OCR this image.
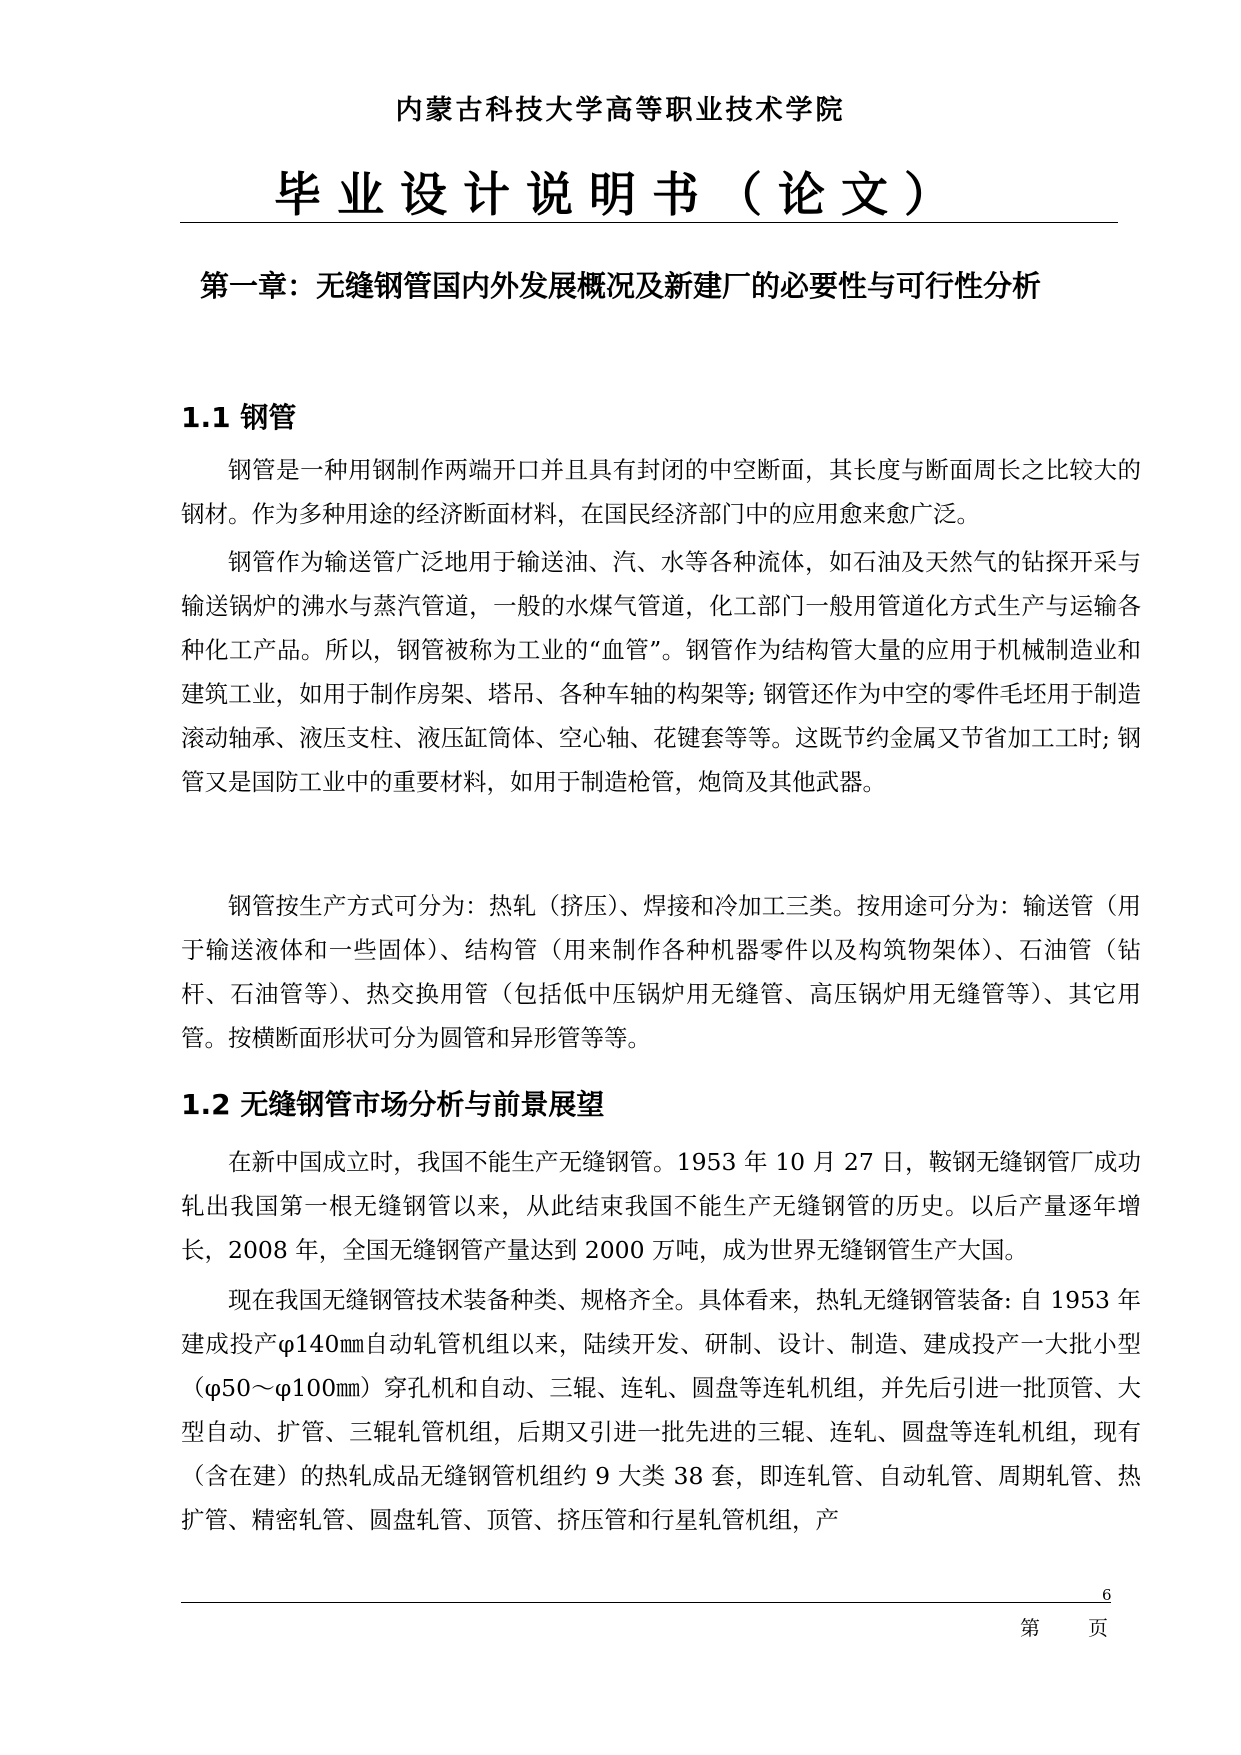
内蒙古科技大学高等职业技术学院
毕业设计说明书（论文）
第一章：无缝钢管国内外发展概况及新建厂的必要性与可行性分析
1.1 钢管

钢管是一种用钢制作两端开口并且具有封闭的中空断面，其长度与断面周长之比较大的钢材。作为多种用途的经济断面材料，在国民经济部门中的应用愈来愈广泛。

钢管作为输送管广泛地用于输送油、汽、水等各种流体，如石油及天然气的钻探开采与输送锅炉的沸水与蒸汽管道，一般的水煤气管道，化工部门一般用管道化方式生产与运输各种化工产品。所以，钢管被称为工业的“血管”。钢管作为结构管大量的应用于机械制造业和建筑工业，如用于制作房架、塔吊、各种车轴的构架等; 钢管还作为中空的零件毛坯用于制造滚动轴承、液压支柱、液压缸筒体、空心轴、花键套等等。这既节约金属又节省加工工时; 钢管又是国防工业中的重要材料，如用于制造枪管，炮筒及其他武器。

钢管按生产方式可分为：热轧（挤压）、焊接和冷加工三类。按用途可分为：输送管（用于输送液体和一些固体）、结构管（用来制作各种机器零件以及构筑物架体）、石油管（钻杆、石油管等）、热交换用管（包括低中压锅炉用无缝管、高压锅炉用无缝管等）、其它用管。按横断面形状可分为圆管和异形管等等。

1.2 无缝钢管市场分析与前景展望

在新中国成立时，我国不能生产无缝钢管。1953 年 10 月 27 日，鞍钢无缝钢管厂成功轧出我国第一根无缝钢管以来，从此结束我国不能生产无缝钢管的历史。以后产量逐年增长，2008 年，全国无缝钢管产量达到 2000 万吨，成为世界无缝钢管生产大国。

现在我国无缝钢管技术装备种类、规格齐全。具体看来，热轧无缝钢管装备: 自 1953 年建成投产φ140㎜自动轧管机组以来，陆续开发、研制、设计、制造、建成投产一大批小型（φ50～φ100㎜）穿孔机和自动、三辊、连轧、圆盘等连轧机组，并先后引进一批顶管、大型自动、扩管、三辊轧管机组，后期又引进一批先进的三辊、连轧、圆盘等连轧机组，现有（含在建）的热轧成品无缝钢管机组约 9 大类 38 套，即连轧管、自动轧管、周期轧管、热扩管、精密轧管、圆盘轧管、顶管、挤压管和行星轧管机组，产

6
第 页
